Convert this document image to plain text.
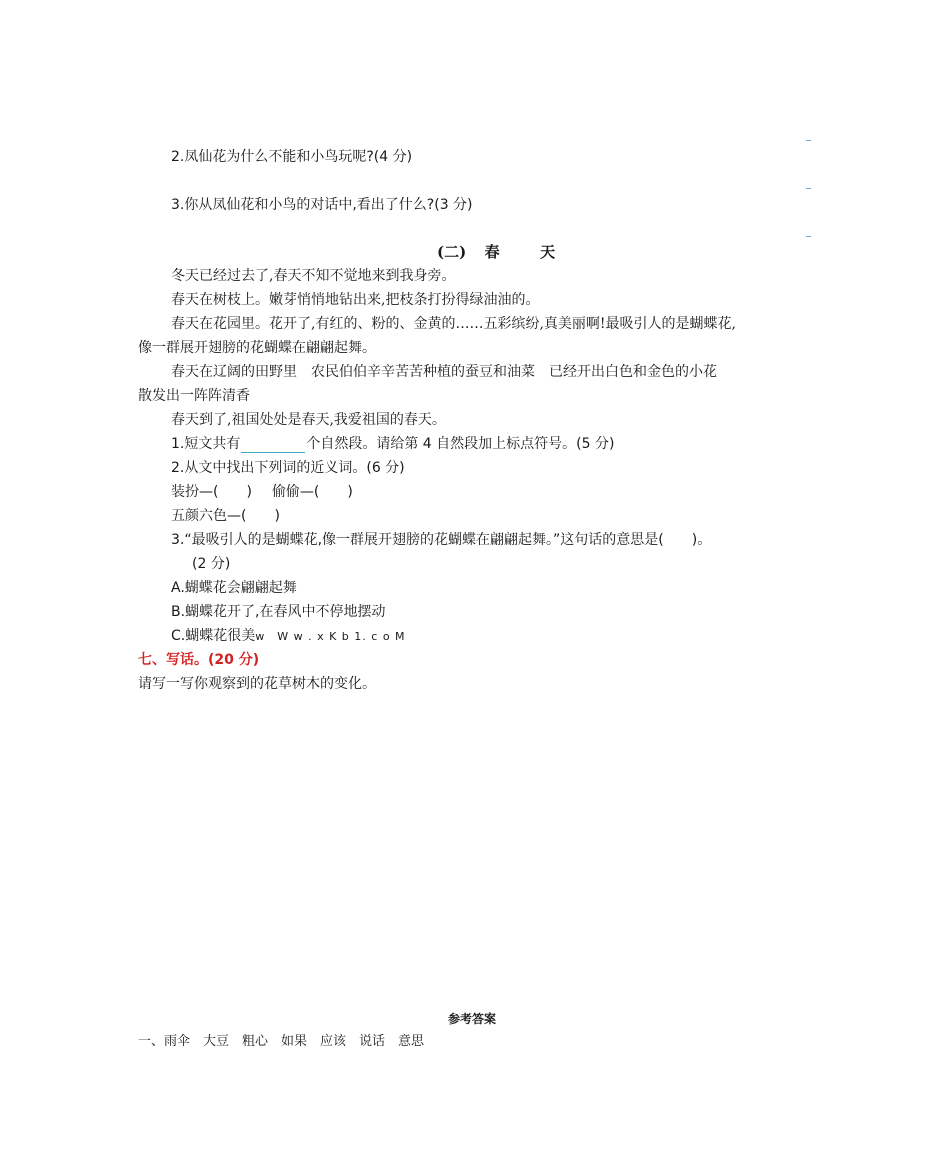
2.凤仙花为什么不能和小鸟玩呢?(4 分)
3.你从凤仙花和小鸟的对话中,看出了什么?(3 分)
(二) 春	天
冬天已经过去了,春天不知不觉地来到我身旁。
春天在树枝上。嫩芽悄悄地钻出来,把枝条打扮得绿油油的。
春天在花园里。花开了,有红的、粉的、金黄的……五彩缤纷,真美丽啊!最吸引人的是蝴蝶花,
像一群展开翅膀的花蝴蝶在翩翩起舞。
春天在辽阔的田野里　农民伯伯辛辛苦苦种植的蚕豆和油菜　已经开出白色和金色的小花
散发出一阵阵清香
春天到了,祖国处处是春天,我爱祖国的春天。
1.短文共有	个自然段。请给第 4 自然段加上标点符号。(5 分)
2.从文中找出下列词的近义词。(6 分)
装扮—( ) 偷偷—( )
五颜六色—( )
3.“最吸引人的是蝴蝶花,像一群展开翅膀的花蝴蝶在翩翩起舞。”这句话的意思是(　　)。
(2 分)
A.蝴蝶花会翩翩起舞
B.蝴蝶花开了,在春风中不停地摆动
C.蝴蝶花很美w　W w . x K b 1. c o M
七、写话。(20 分)
请写一写你观察到的花草树木的变化。
参考答案
一、雨伞　大豆　粗心　如果　应该　说话　意思
